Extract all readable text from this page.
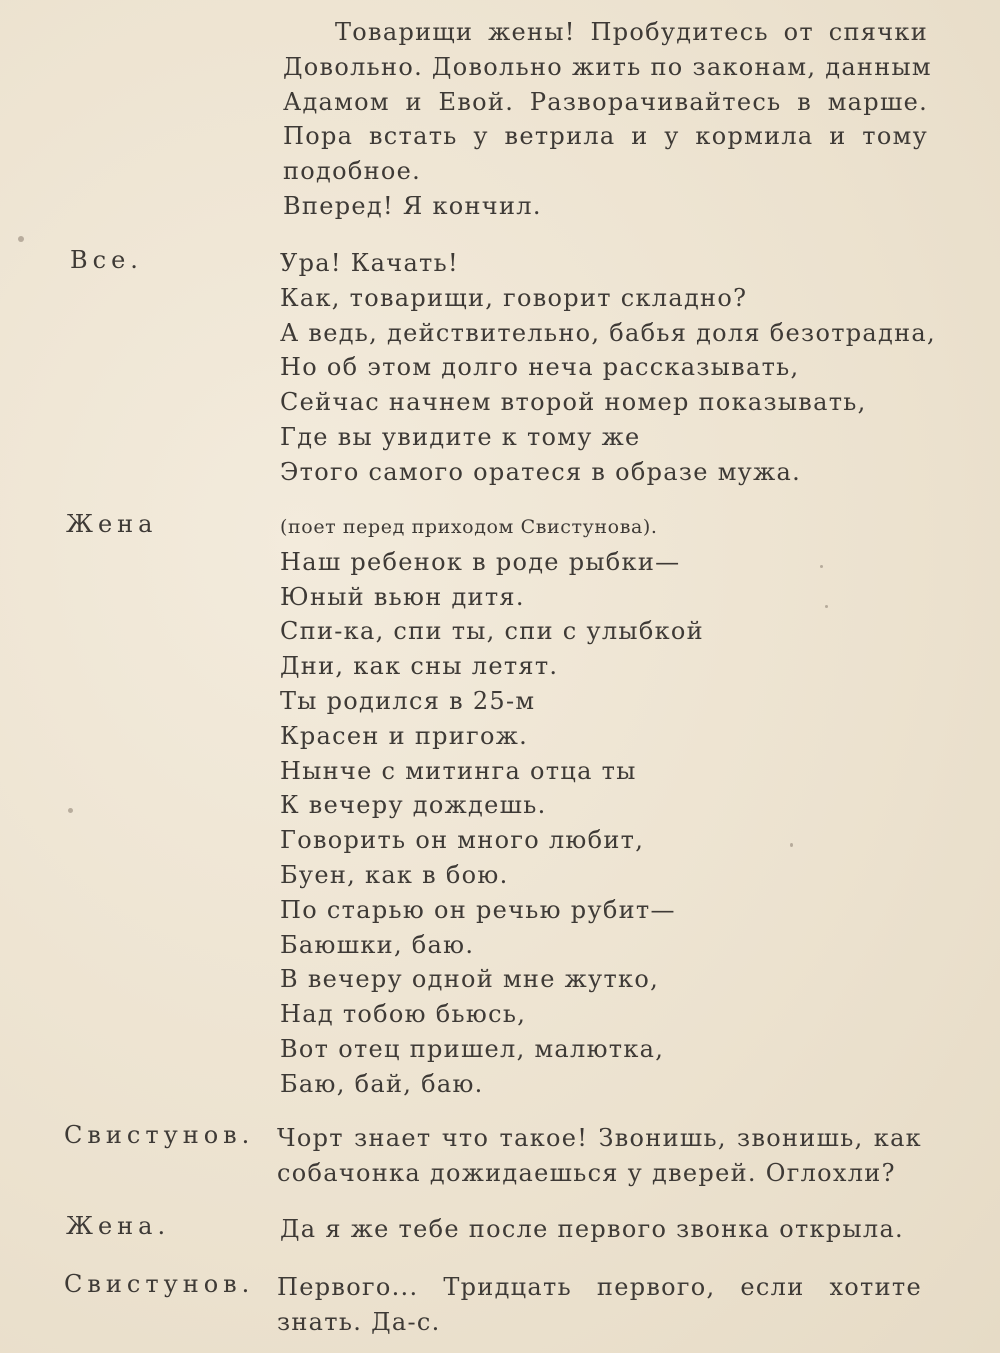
Товарищи жены! Пробудитесь от спячки
Довольно. Довольно жить по законам, данным
Адамом и Евой. Разворачивайтесь в марше.
Пора встать у ветрила и у кормила и тому
подобное.
Вперед! Я кончил.
Все.	Ура! Качать!
Как, товарищи, говорит складно?
А ведь, действительно, бабья доля безотрадна,
Но об этом долго неча рассказывать,
Сейчас начнем второй номер показывать,
Где вы увидите к тому же
Этого самого оратеся в образе мужа.
Жена	(поет перед приходом Свистунова).
Наш ребенок в роде рыбки—
Юный вьюн дитя.
Спи-ка, спи ты, спи с улыбкой
Дни, как сны летят.
Ты родился в 25-м
Красен и пригож.
Нынче с митинга отца ты
К вечеру дождешь.
Говорить он много любит,
Буен, как в бою.
По старью он речью рубит—
Баюшки, баю.
В вечеру одной мне жутко,
Над тобою бьюсь,
Вот отец пришел, малютка,
Баю, бай, баю.
Свистунов. Чорт знает что такое! Звонишь, звонишь, как
собачонка дожидаешься у дверей. Оглохли?
Жена.	Да я же тебе после первого звонка открыла.
Свистунов. Первого... Тридцать первого, если хотите
знать. Да-с.
